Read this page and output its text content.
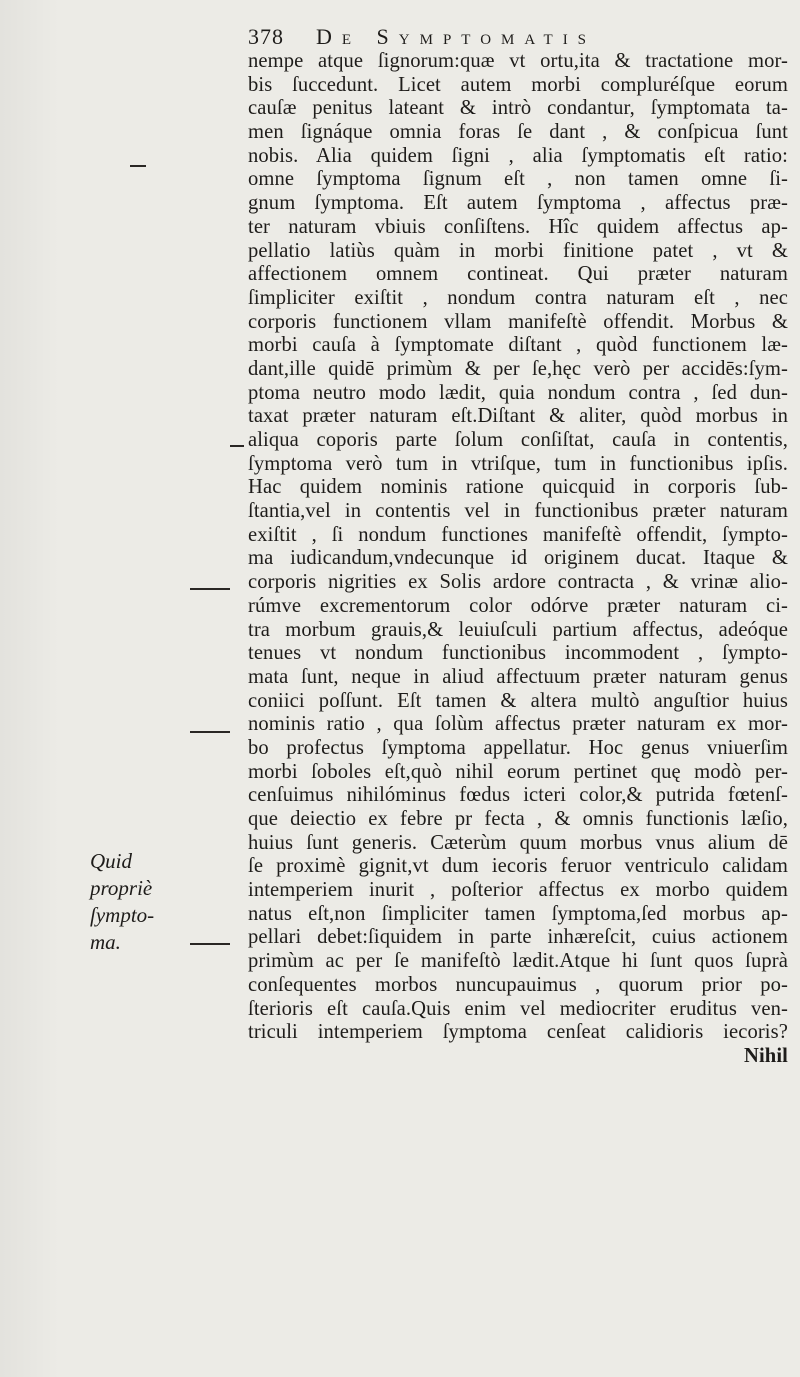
378 De Symptomatis
nempe atque ſignorum:quæ vt ortu,ita & tractatione mor-
bis ſuccedunt. Licet autem morbi compluréſque eorum
cauſæ penitus lateant & intrò condantur, ſymptomata ta-
men ſignáque omnia foras ſe dant , & conſpicua ſunt
nobis. Alia quidem ſigni , alia ſymptomatis eſt ratio:
omne ſymptoma ſignum eſt , non tamen omne ſi-
gnum ſymptoma. Eſt autem ſymptoma , affectus præ-
ter naturam vbiuis conſiſtens. Hîc quidem affectus ap-
pellatio latiùs quàm in morbi finitione patet , vt &
affectionem omnem contineat. Qui præter naturam
ſimpliciter exiſtit , nondum contra naturam eſt , nec
corporis functionem vllam manifeſtè offendit. Morbus &
morbi cauſa à ſymptomate diſtant , quòd functionem læ-
dant,ille quidē primùm & per ſe,hęc verò per accidēs:ſym-
ptoma neutro modo lædit, quia nondum contra , ſed dun-
taxat præter naturam eſt.Diſtant & aliter, quòd morbus in
aliqua coporis parte ſolum conſiſtat, cauſa in contentis,
ſymptoma verò tum in vtriſque, tum in functionibus ipſis.
Hac quidem nominis ratione quicquid in corporis ſub-
ſtantia,vel in contentis vel in functionibus præter naturam
exiſtit , ſi nondum functiones manifeſtè offendit, ſympto-
ma iudicandum,vndecunque id originem ducat. Itaque &
corporis nigrities ex Solis ardore contracta , & vrinæ alio-
rúmve excrementorum color odórve præter naturam ci-
tra morbum grauis,& leuiuſculi partium affectus, adeóque
tenues vt nondum functionibus incommodent , ſympto-
mata ſunt, neque in aliud affectuum præter naturam genus
coniici poſſunt. Eſt tamen & altera multò anguſtior huius
nominis ratio , qua ſolùm affectus præter naturam ex mor-
bo profectus ſymptoma appellatur. Hoc genus vniuerſim
morbi ſoboles eſt,quò nihil eorum pertinet quę modò per-
cenſuimus nihilóminus fœdus icteri color,& putrida fœtenſ-
que deiectio ex febre pr fecta , & omnis functionis læſio,
huius ſunt generis. Cæterùm quum morbus vnus alium dē
ſe proximè gignit,vt dum iecoris feruor ventriculo calidam
intemperiem inurit , poſterior affectus ex morbo quidem
natus eſt,non ſimpliciter tamen ſymptoma,ſed morbus ap-
pellari debet:ſiquidem in parte inhæreſcit, cuius actionem
primùm ac per ſe manifeſtò lædit.Atque hi ſunt quos ſuprà
conſequentes morbos nuncupauimus , quorum prior po-
ſterioris eſt cauſa.Quis enim vel mediocriter eruditus ven-
triculi intemperiem ſymptoma cenſeat calidioris iecoris?
Nihil
Quid
propriè
ſympto-
ma.
